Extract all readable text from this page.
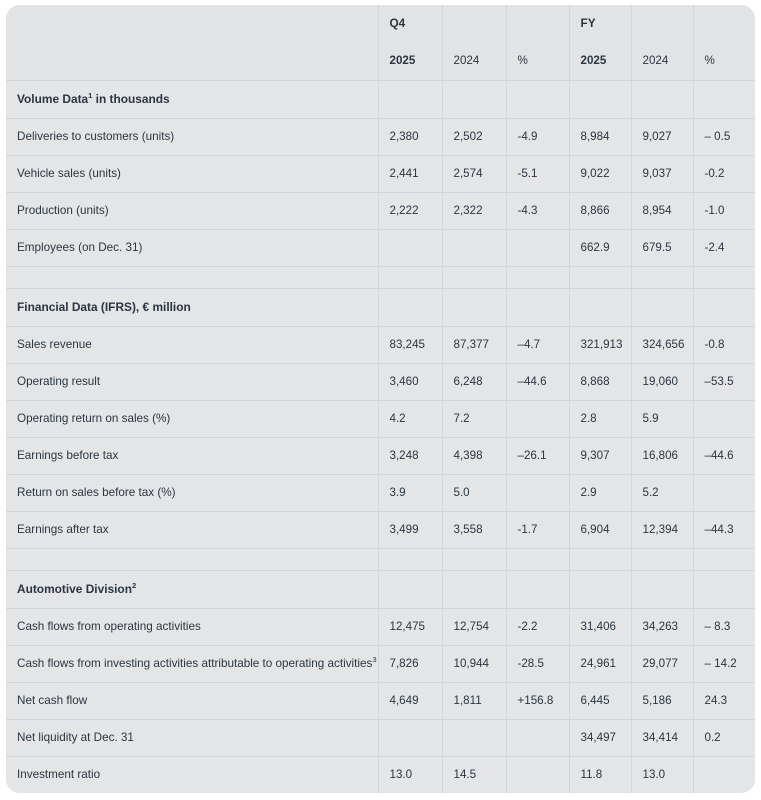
	Q4			FY		
	2025	2024	%	2025	2024	%
Volume Data$^1$ in thousands						
Deliveries to customers (units)	2,380	2,502	-4.9	8,984	9,027	– 0.5
Vehicle sales (units)	2,441	2,574	-5.1	9,022	9,037	-0.2
Production (units)	2,222	2,322	-4.3	8,866	8,954	-1.0
Employees (on Dec. 31)				662.9	679.5	-2.4

Financial Data (IFRS), € million						
Sales revenue	83,245	87,377	–4.7	321,913	324,656	-0.8
Operating result	3,460	6,248	–44.6	8,868	19,060	–53.5
Operating return on sales (%)	4.2	7.2		2.8	5.9	
Earnings before tax	3,248	4,398	–26.1	9,307	16,806	–44.6
Return on sales before tax (%)	3.9	5.0		2.9	5.2	
Earnings after tax	3,499	3,558	-1.7	6,904	12,394	–44.3

Automotive Division$^2$						
Cash flows from operating activities	12,475	12,754	-2.2	31,406	34,263	– 8.3
Cash flows from investing activities attributable to operating activities$^3$	7,826	10,944	-28.5	24,961	29,077	– 14.2
Net cash flow	4,649	1,811	+156.8	6,445	5,186	24.3
Net liquidity at Dec. 31				34,497	34,414	0.2
Investment ratio	13.0	14.5		11.8	13.0	
